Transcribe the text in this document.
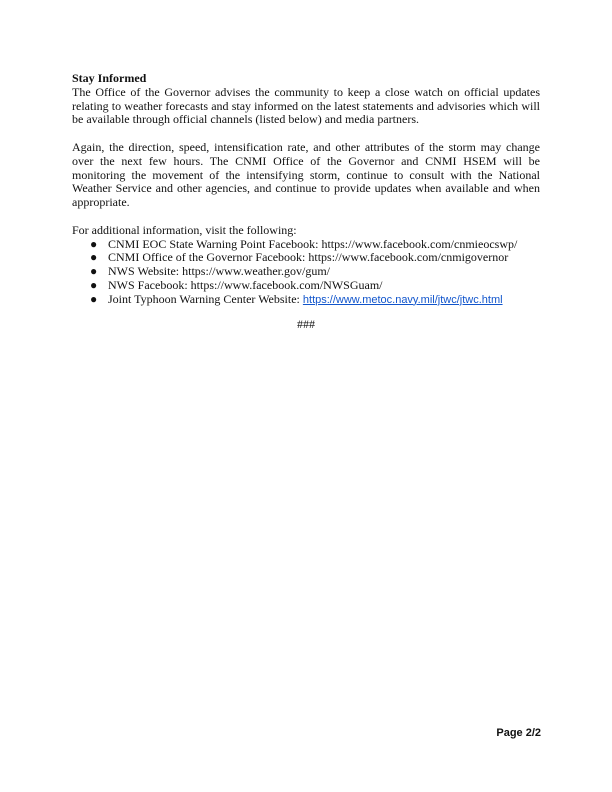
Stay Informed

The Office of the Governor advises the community to keep a close watch on official updates relating to weather forecasts and stay informed on the latest statements and advisories which will be available through official channels (listed below) and media partners.

Again, the direction, speed, intensification rate, and other attributes of the storm may change over the next few hours. The CNMI Office of the Governor and CNMI HSEM will be monitoring the movement of the intensifying storm, continue to consult with the National Weather Service and other agencies, and continue to provide updates when available and when appropriate.

For additional information, visit the following:

● CNMI EOC State Warning Point Facebook: https://www.facebook.com/cnmieocswp/
● CNMI Office of the Governor Facebook: https://www.facebook.com/cnmigovernor
● NWS Website: https://www.weather.gov/gum/
● NWS Facebook: https://www.facebook.com/NWSGuam/
● Joint Typhoon Warning Center Website: https://www.metoc.navy.mil/jtwc/jtwc.html
###
Page 2/2
